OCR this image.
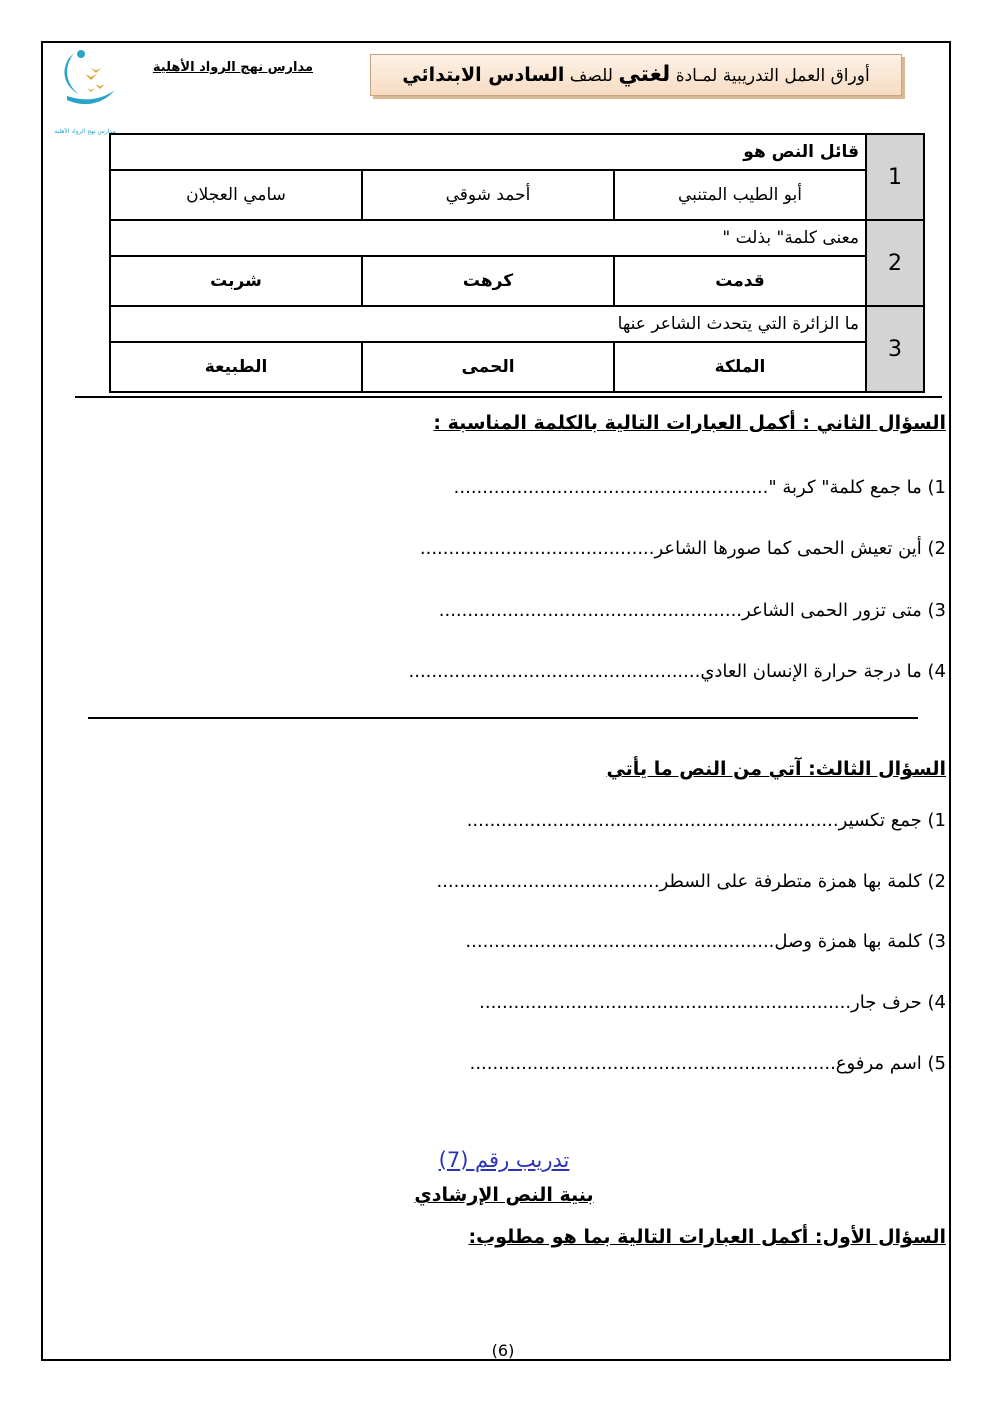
مدارس نهج الرواد الأهلية
مدارس نهج الرواد الأهلية	أوراق العمل التدريبية لمـادة لغتي للصف السادس الابتدائي
1	قائل النص هو		
	أبو الطيب المتنبي	أحمد شوقي	سامي العجلان
2	معنى كلمة" بذلت "		
	قدمت	كرهت	شربت
3	ما الزائرة التي يتحدث الشاعر عنها		
	الملكة	الحمى	الطبيعة
السؤال الثاني : أكمل العبارات التالية بالكلمة المناسبة :
1) ما جمع كلمة" كربة ".......................................................
2) أين تعيش الحمى كما صورها الشاعر.........................................
3) متى تزور الحمى الشاعر.....................................................
4) ما درجة حرارة الإنسان العادي...................................................
السؤال الثالث: آتي من النص ما يأتي
1) جمع تكسير.................................................................
2) كلمة بها همزة متطرفة على السطر.......................................
3) كلمة بها همزة وصل......................................................
4) حرف جار.................................................................
5) اسم مرفوع................................................................
تدريب رقم (7)
بنية النص الإرشادي
السؤال الأول: أكمل العبارات التالية بما هو مطلوب:
(6)
